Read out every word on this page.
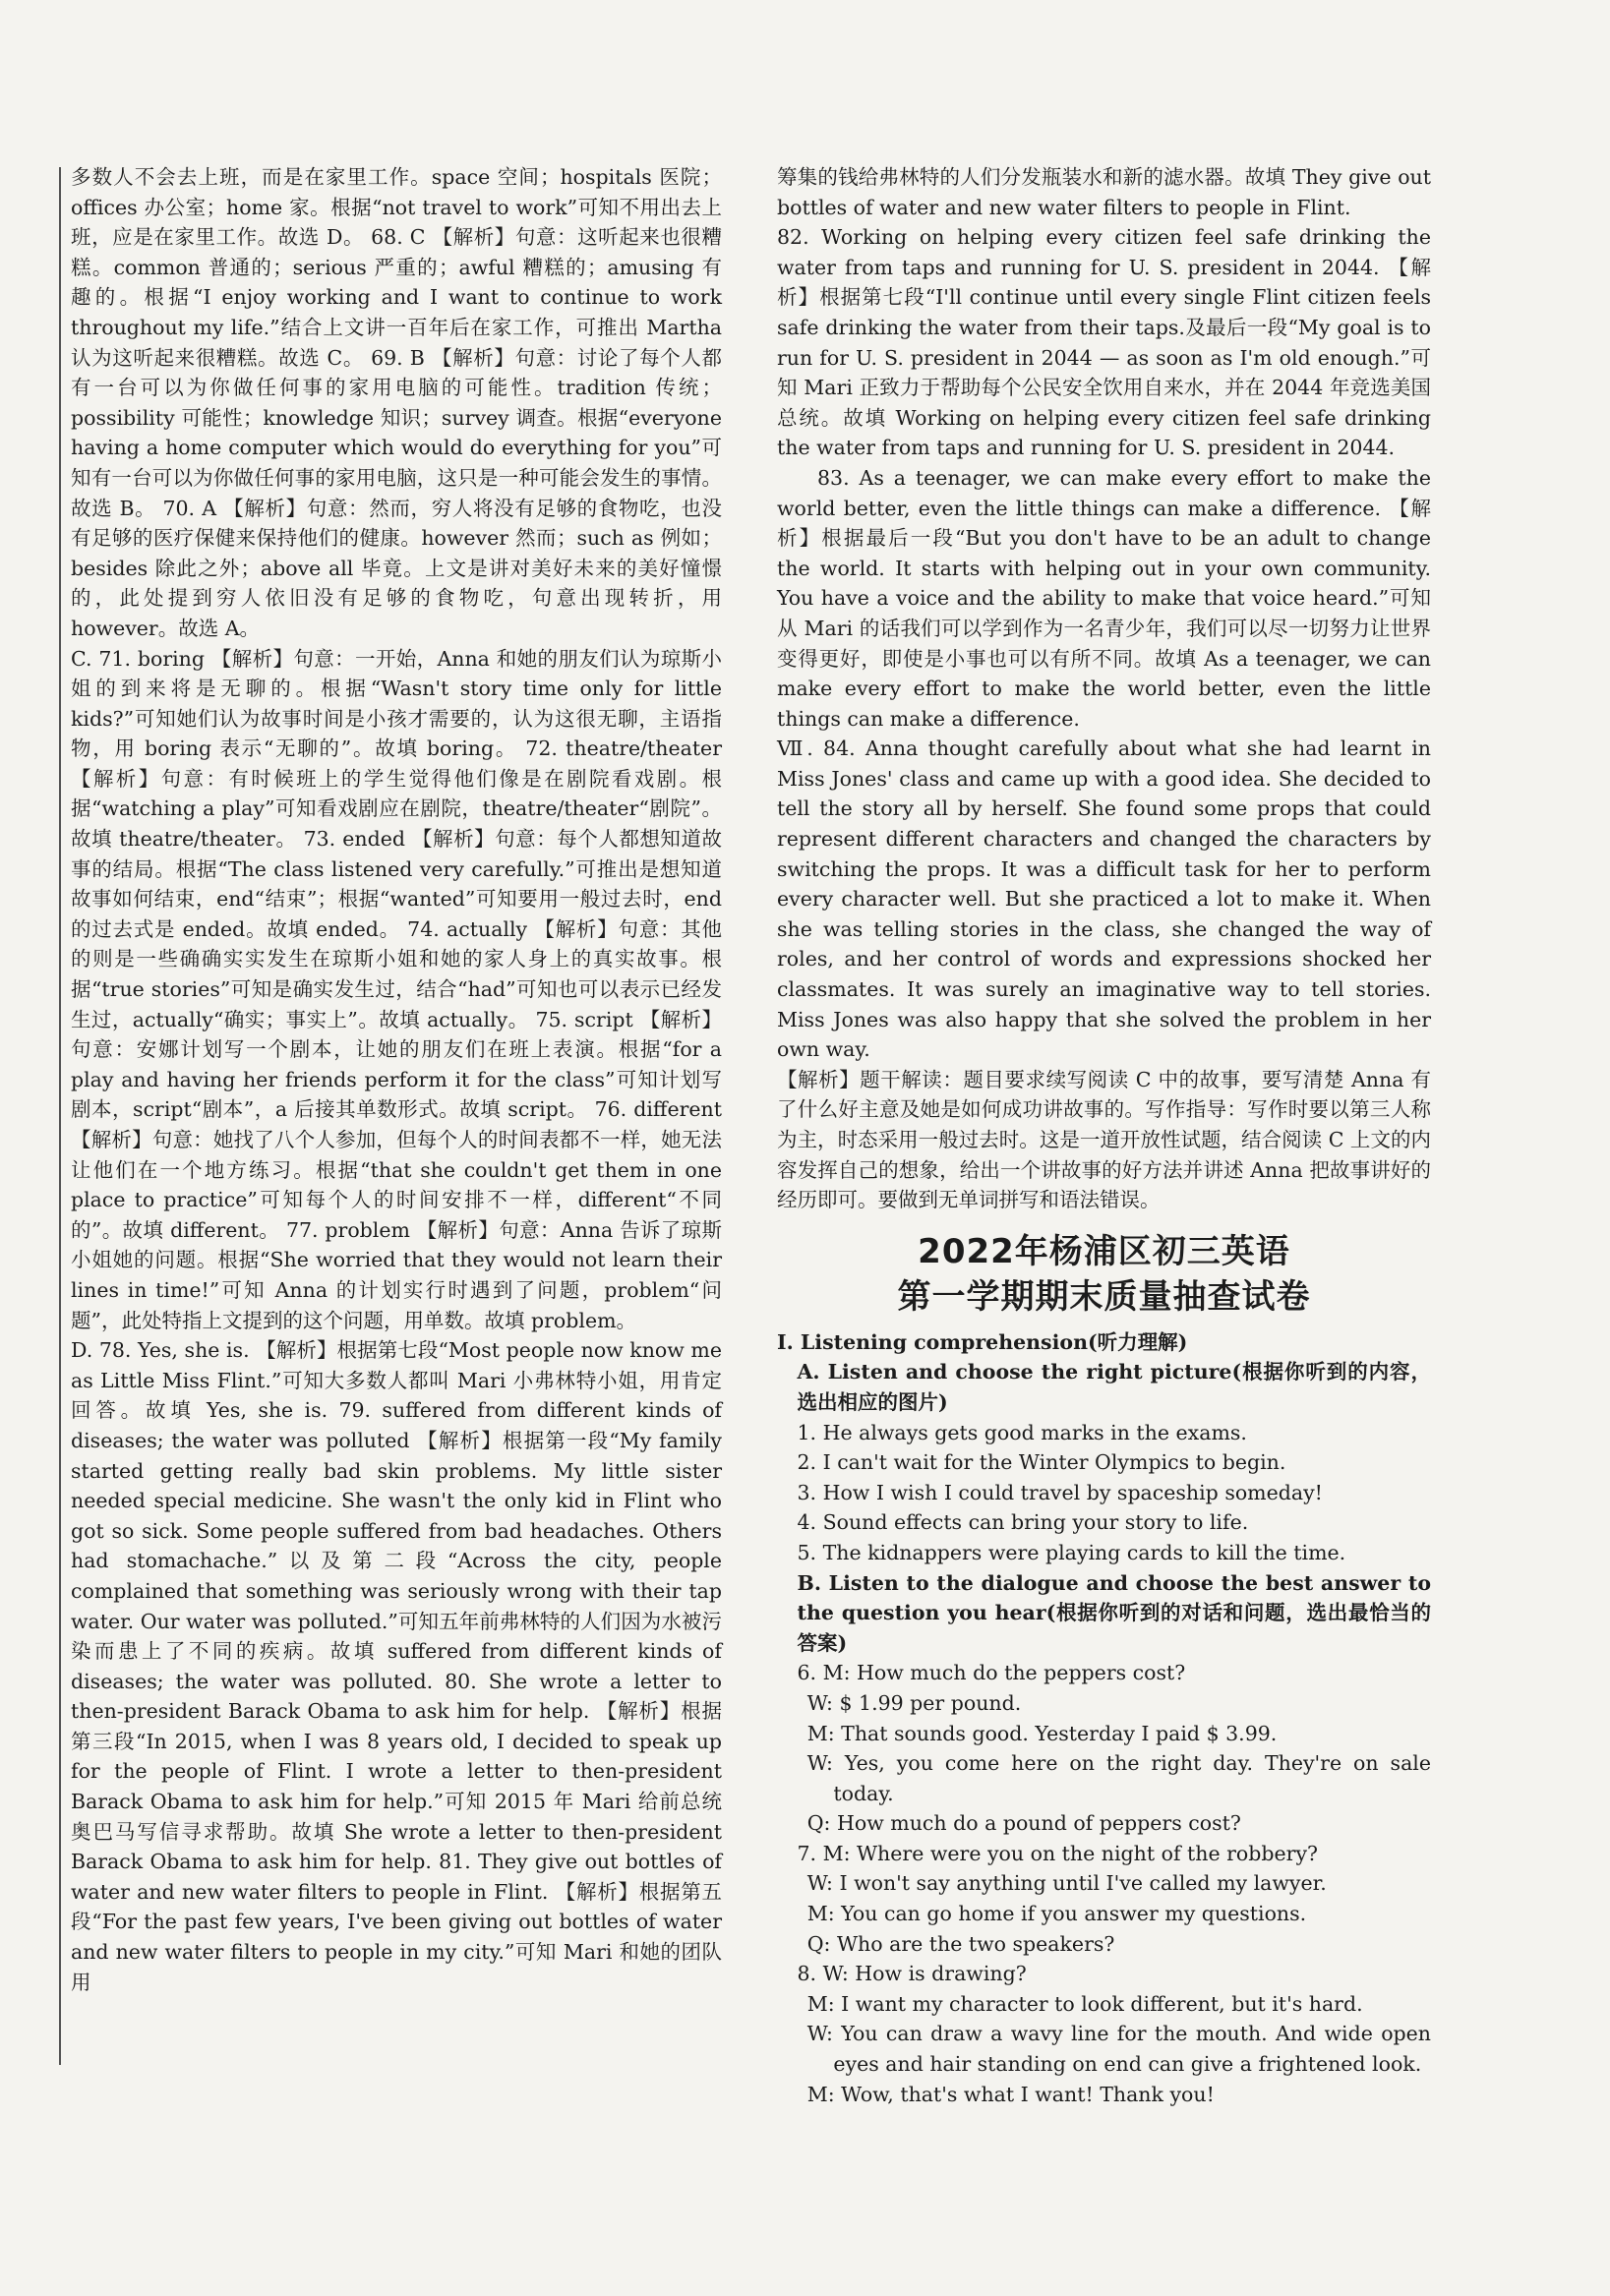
多数人不会去上班，而是在家里工作。space 空间；hospitals 医院；offices 办公室；home 家。根据“not travel to work”可知不用出去上班，应是在家里工作。故选 D。 68. C 【解析】句意：这听起来也很糟糕。common 普通的；serious 严重的；awful 糟糕的；amusing 有趣的。根据“I enjoy working and I want to continue to work throughout my life.”结合上文讲一百年后在家工作，可推出 Martha 认为这听起来很糟糕。故选 C。 69. B 【解析】句意：讨论了每个人都有一台可以为你做任何事的家用电脑的可能性。tradition 传统；possibility 可能性；knowledge 知识；survey 调查。根据“everyone having a home computer which would do everything for you”可知有一台可以为你做任何事的家用电脑，这只是一种可能会发生的事情。故选 B。 70. A 【解析】句意：然而，穷人将没有足够的食物吃，也没有足够的医疗保健来保持他们的健康。however 然而；such as 例如；besides 除此之外；above all 毕竟。上文是讲对美好未来的美好憧憬的，此处提到穷人依旧没有足够的食物吃，句意出现转折，用 however。故选 A。

C. 71. boring 【解析】句意：一开始，Anna 和她的朋友们认为琼斯小姐的到来将是无聊的。根据“Wasn't story time only for little kids?”可知她们认为故事时间是小孩才需要的，认为这很无聊，主语指物，用 boring 表示“无聊的”。故填 boring。 72. theatre/theater 【解析】句意：有时候班上的学生觉得他们像是在剧院看戏剧。根据“watching a play”可知看戏剧应在剧院，theatre/theater“剧院”。故填 theatre/theater。 73. ended 【解析】句意：每个人都想知道故事的结局。根据“The class listened very carefully.”可推出是想知道故事如何结束，end“结束”；根据“wanted”可知要用一般过去时，end 的过去式是 ended。故填 ended。 74. actually 【解析】句意：其他的则是一些确确实实发生在琼斯小姐和她的家人身上的真实故事。根据“true stories”可知是确实发生过，结合“had”可知也可以表示已经发生过，actually“确实；事实上”。故填 actually。 75. script 【解析】句意：安娜计划写一个剧本，让她的朋友们在班上表演。根据“for a play and having her friends perform it for the class”可知计划写剧本，script“剧本”，a 后接其单数形式。故填 script。 76. different 【解析】句意：她找了八个人参加，但每个人的时间表都不一样，她无法让他们在一个地方练习。根据“that she couldn't get them in one place to practice”可知每个人的时间安排不一样，different“不同的”。故填 different。 77. problem 【解析】句意：Anna 告诉了琼斯小姐她的问题。根据“She worried that they would not learn their lines in time!”可知 Anna 的计划实行时遇到了问题，problem“问题”，此处特指上文提到的这个问题，用单数。故填 problem。

D. 78. Yes, she is. 【解析】根据第七段“Most people now know me as Little Miss Flint.”可知大多数人都叫 Mari 小弗林特小姐，用肯定回答。故填 Yes, she is. 79. suffered from different kinds of diseases; the water was polluted 【解析】根据第一段“My family started getting really bad skin problems. My little sister needed special medicine. She wasn't the only kid in Flint who got so sick. Some people suffered from bad headaches. Others had stomachache.”以及第二段“Across the city, people complained that something was seriously wrong with their tap water. Our water was polluted.”可知五年前弗林特的人们因为水被污染而患上了不同的疾病。故填 suffered from different kinds of diseases; the water was polluted. 80. She wrote a letter to then-president Barack Obama to ask him for help. 【解析】根据第三段“In 2015, when I was 8 years old, I decided to speak up for the people of Flint. I wrote a letter to then-president Barack Obama to ask him for help.”可知 2015 年 Mari 给前总统奥巴马写信寻求帮助。故填 She wrote a letter to then-president Barack Obama to ask him for help. 81. They give out bottles of water and new water filters to people in Flint. 【解析】根据第五段“For the past few years, I've been giving out bottles of water and new water filters to people in my city.”可知 Mari 和她的团队用

筹集的钱给弗林特的人们分发瓶装水和新的滤水器。故填 They give out bottles of water and new water filters to people in Flint.

82. Working on helping every citizen feel safe drinking the water from taps and running for U. S. president in 2044. 【解析】根据第七段“I'll continue until every single Flint citizen feels safe drinking the water from their taps.及最后一段“My goal is to run for U. S. president in 2044 — as soon as I'm old enough.”可知 Mari 正致力于帮助每个公民安全饮用自来水，并在 2044 年竞选美国总统。故填 Working on helping every citizen feel safe drinking the water from taps and running for U. S. president in 2044.

83. As a teenager, we can make every effort to make the world better, even the little things can make a difference. 【解析】根据最后一段“But you don't have to be an adult to change the world. It starts with helping out in your own community. You have a voice and the ability to make that voice heard.”可知从 Mari 的话我们可以学到作为一名青少年，我们可以尽一切努力让世界变得更好，即使是小事也可以有所不同。故填 As a teenager, we can make every effort to make the world better, even the little things can make a difference.

Ⅶ. 84. Anna thought carefully about what she had learnt in Miss Jones' class and came up with a good idea. She decided to tell the story all by herself. She found some props that could represent different characters and changed the characters by switching the props. It was a difficult task for her to perform every character well. But she practiced a lot to make it. When she was telling stories in the class, she changed the way of roles, and her control of words and expressions shocked her classmates. It was surely an imaginative way to tell stories. Miss Jones was also happy that she solved the problem in her own way.

【解析】题干解读：题目要求续写阅读 C 中的故事，要写清楚 Anna 有了什么好主意及她是如何成功讲故事的。写作指导：写作时要以第三人称为主，时态采用一般过去时。这是一道开放性试题，结合阅读 C 上文的内容发挥自己的想象，给出一个讲故事的好方法并讲述 Anna 把故事讲好的经历即可。要做到无单词拼写和语法错误。

2022年杨浦区初三英语
第一学期期末质量抽查试卷

Ⅰ. Listening comprehension(听力理解)

A. Listen and choose the right picture(根据你听到的内容，选出相应的图片)

1. He always gets good marks in the exams.

2. I can't wait for the Winter Olympics to begin.

3. How I wish I could travel by spaceship someday!

4. Sound effects can bring your story to life.

5. The kidnappers were playing cards to kill the time.

B. Listen to the dialogue and choose the best answer to the question you hear(根据你听到的对话和问题，选出最恰当的答案)

6. M: How much do the peppers cost?

W: $ 1.99 per pound.

M: That sounds good. Yesterday I paid $ 3.99.

W: Yes, you come here on the right day. They're on sale today.

Q: How much do a pound of peppers cost?

7. M: Where were you on the night of the robbery?

W: I won't say anything until I've called my lawyer.

M: You can go home if you answer my questions.

Q: Who are the two speakers?

8. W: How is drawing?

M: I want my character to look different, but it's hard.

W: You can draw a wavy line for the mouth. And wide open eyes and hair standing on end can give a frightened look.

M: Wow, that's what I want! Thank you!
